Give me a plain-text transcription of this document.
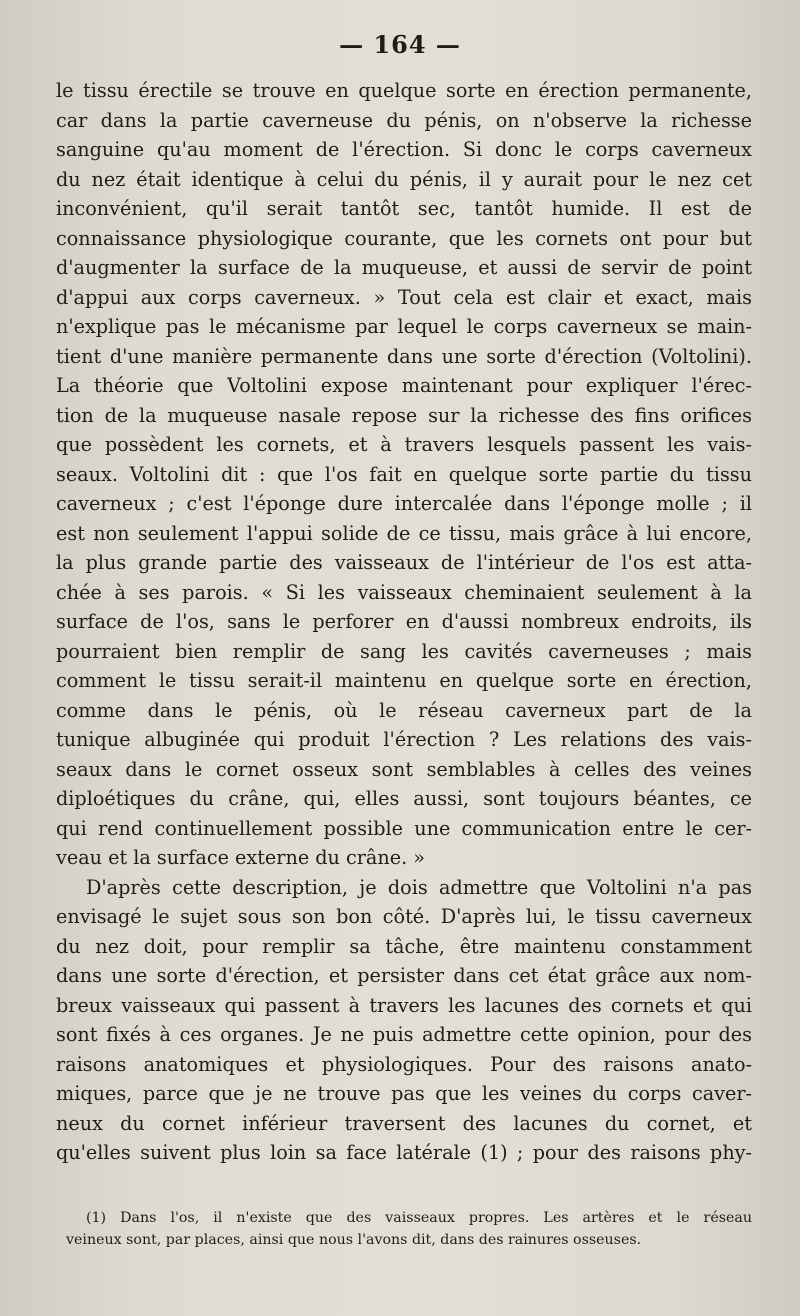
— 164 —
le tissu érectile se trouve en quelque sorte en érection permanente,
car dans la partie caverneuse du pénis, on n'observe la richesse
sanguine qu'au moment de l'érection. Si donc le corps caverneux
du nez était identique à celui du pénis, il y aurait pour le nez cet
inconvénient, qu'il serait tantôt sec, tantôt humide. Il est de
connaissance physiologique courante, que les cornets ont pour but
d'augmenter la surface de la muqueuse, et aussi de servir de point
d'appui aux corps caverneux. » Tout cela est clair et exact, mais
n'explique pas le mécanisme par lequel le corps caverneux se main-
tient d'une manière permanente dans une sorte d'érection (Voltolini).
La théorie que Voltolini expose maintenant pour expliquer l'érec-
tion de la muqueuse nasale repose sur la richesse des fins orifices
que possèdent les cornets, et à travers lesquels passent les vais-
seaux. Voltolini dit : que l'os fait en quelque sorte partie du tissu
caverneux ; c'est l'éponge dure intercalée dans l'éponge molle ; il
est non seulement l'appui solide de ce tissu, mais grâce à lui encore,
la plus grande partie des vaisseaux de l'intérieur de l'os est atta-
chée à ses parois. « Si les vaisseaux cheminaient seulement à la
surface de l'os, sans le perforer en d'aussi nombreux endroits, ils
pourraient bien remplir de sang les cavités caverneuses ; mais
comment le tissu serait-il maintenu en quelque sorte en érection,
comme dans le pénis, où le réseau caverneux part de la
tunique albuginée qui produit l'érection ? Les relations des vais-
seaux dans le cornet osseux sont semblables à celles des veines
diploétiques du crâne, qui, elles aussi, sont toujours béantes, ce
qui rend continuellement possible une communication entre le cer-
veau et la surface externe du crâne. »
D'après cette description, je dois admettre que Voltolini n'a pas
envisagé le sujet sous son bon côté. D'après lui, le tissu caverneux
du nez doit, pour remplir sa tâche, être maintenu constamment
dans une sorte d'érection, et persister dans cet état grâce aux nom-
breux vaisseaux qui passent à travers les lacunes des cornets et qui
sont fixés à ces organes. Je ne puis admettre cette opinion, pour des
raisons anatomiques et physiologiques. Pour des raisons anato-
miques, parce que je ne trouve pas que les veines du corps caver-
neux du cornet inférieur traversent des lacunes du cornet, et
qu'elles suivent plus loin sa face latérale (1) ; pour des raisons phy-
(1) Dans l'os, il n'existe que des vaisseaux propres. Les artères et le réseau
veineux sont, par places, ainsi que nous l'avons dit, dans des rainures osseuses.
